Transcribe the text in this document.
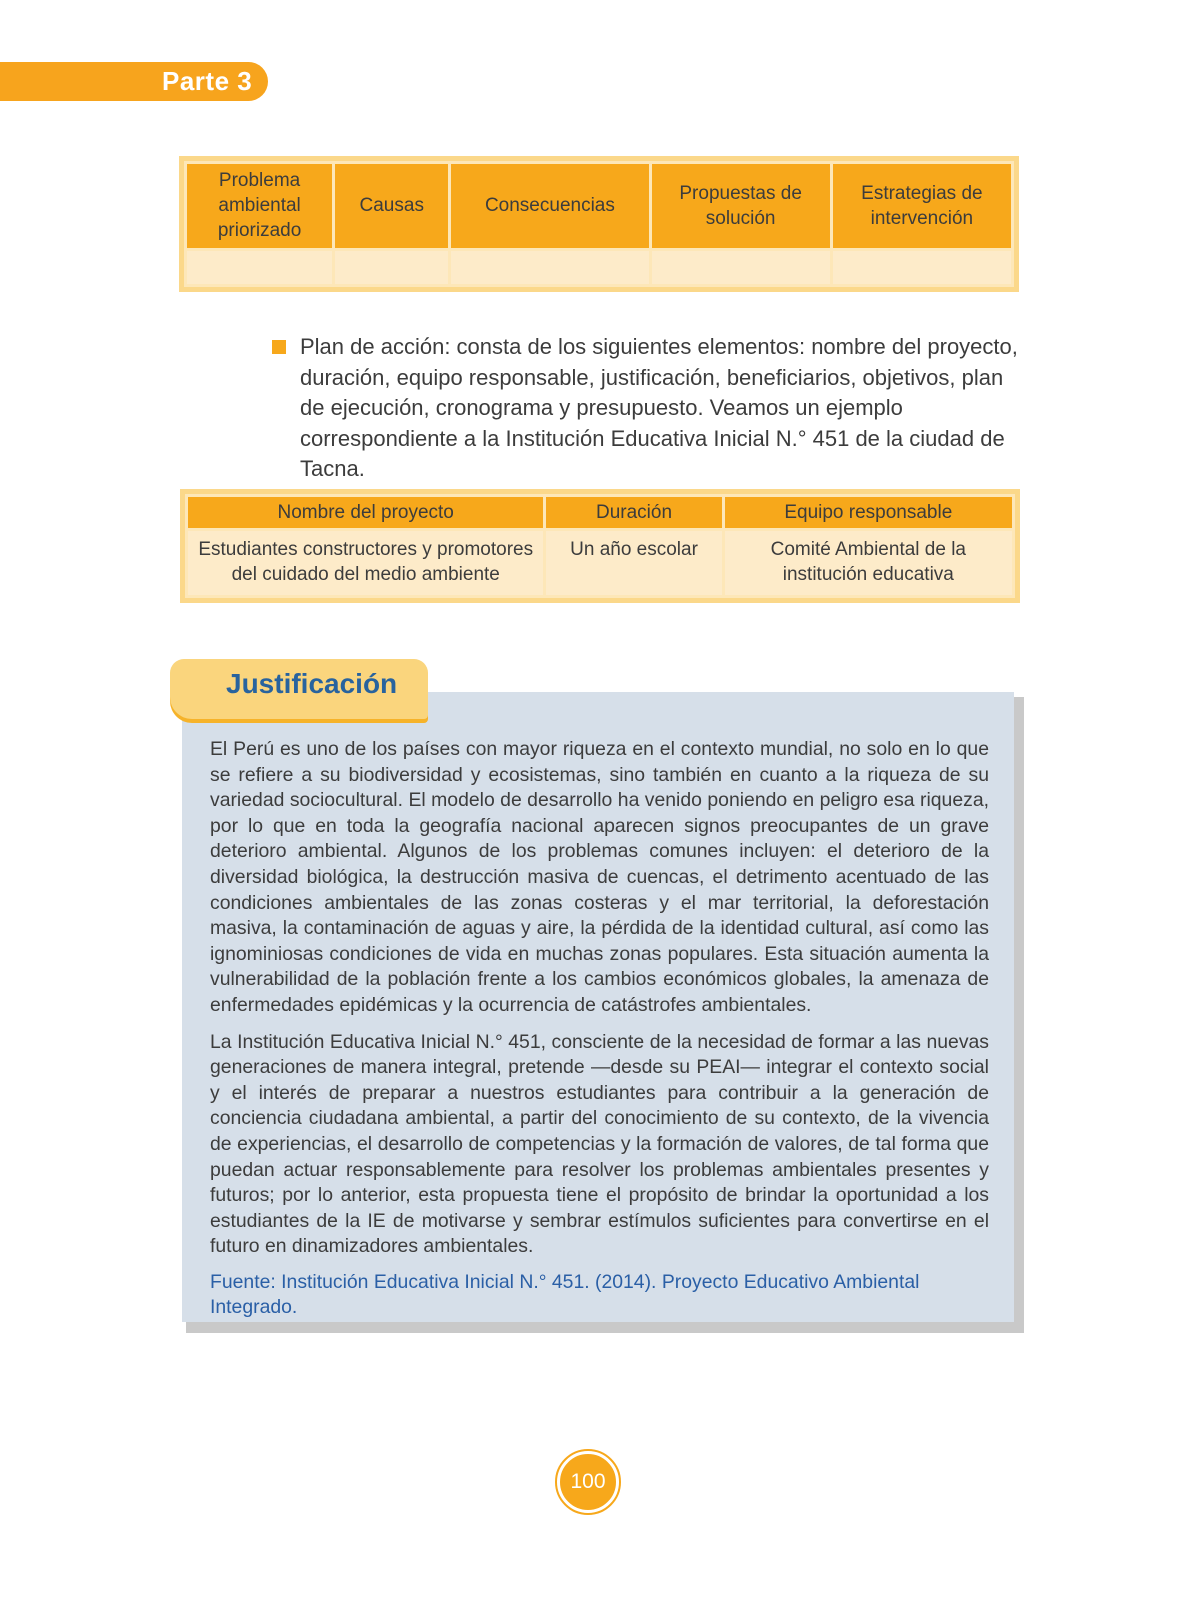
Parte 3
Problema ambiental priorizado	Causas	Consecuencias	Propuestas de solución	Estrategias de intervención

Plan de acción: consta de los siguientes elementos: nombre del proyecto, duración, equipo responsable, justificación, beneficiarios, objetivos, plan de ejecución, cronograma y presupuesto. Veamos un ejemplo correspondiente a la Institución Educativa Inicial N.° 451 de la ciudad de Tacna.
Nombre del proyecto	Duración	Equipo responsable
Estudiantes constructores y promotores del cuidado del medio ambiente	Un año escolar	Comité Ambiental de la institución educativa
Justificación

El Perú es uno de los países con mayor riqueza en el contexto mundial, no solo en lo que se refiere a su biodiversidad y ecosistemas, sino también en cuanto a la riqueza de su variedad sociocultural. El modelo de desarrollo ha venido poniendo en peligro esa riqueza, por lo que en toda la geografía nacional aparecen signos preocupantes de un grave deterioro ambiental. Algunos de los problemas comunes incluyen: el deterioro de la diversidad biológica, la destrucción masiva de cuencas, el detrimento acentuado de las condiciones ambientales de las zonas costeras y el mar territorial, la deforestación masiva, la contaminación de aguas y aire, la pérdida de la identidad cultural, así como las ignominiosas condiciones de vida en muchas zonas populares. Esta situación aumenta la vulnerabilidad de la población frente a los cambios económicos globales, la amenaza de enfermedades epidémicas y la ocurrencia de catástrofes ambientales.

La Institución Educativa Inicial N.° 451, consciente de la necesidad de formar a las nuevas generaciones de manera integral, pretende —desde su PEAI— integrar el contexto social y el interés de preparar a nuestros estudiantes para contribuir a la generación de conciencia ciudadana ambiental, a partir del conocimiento de su contexto, de la vivencia de experiencias, el desarrollo de competencias y la formación de valores, de tal forma que puedan actuar responsablemente para resolver los problemas ambientales presentes y futuros; por lo anterior, esta propuesta tiene el propósito de brindar la oportunidad a los estudiantes de la IE de motivarse y sembrar estímulos suficientes para convertirse en el futuro en dinamizadores ambientales.

Fuente: Institución Educativa Inicial N.° 451. (2014). Proyecto Educativo Ambiental Integrado.
100
